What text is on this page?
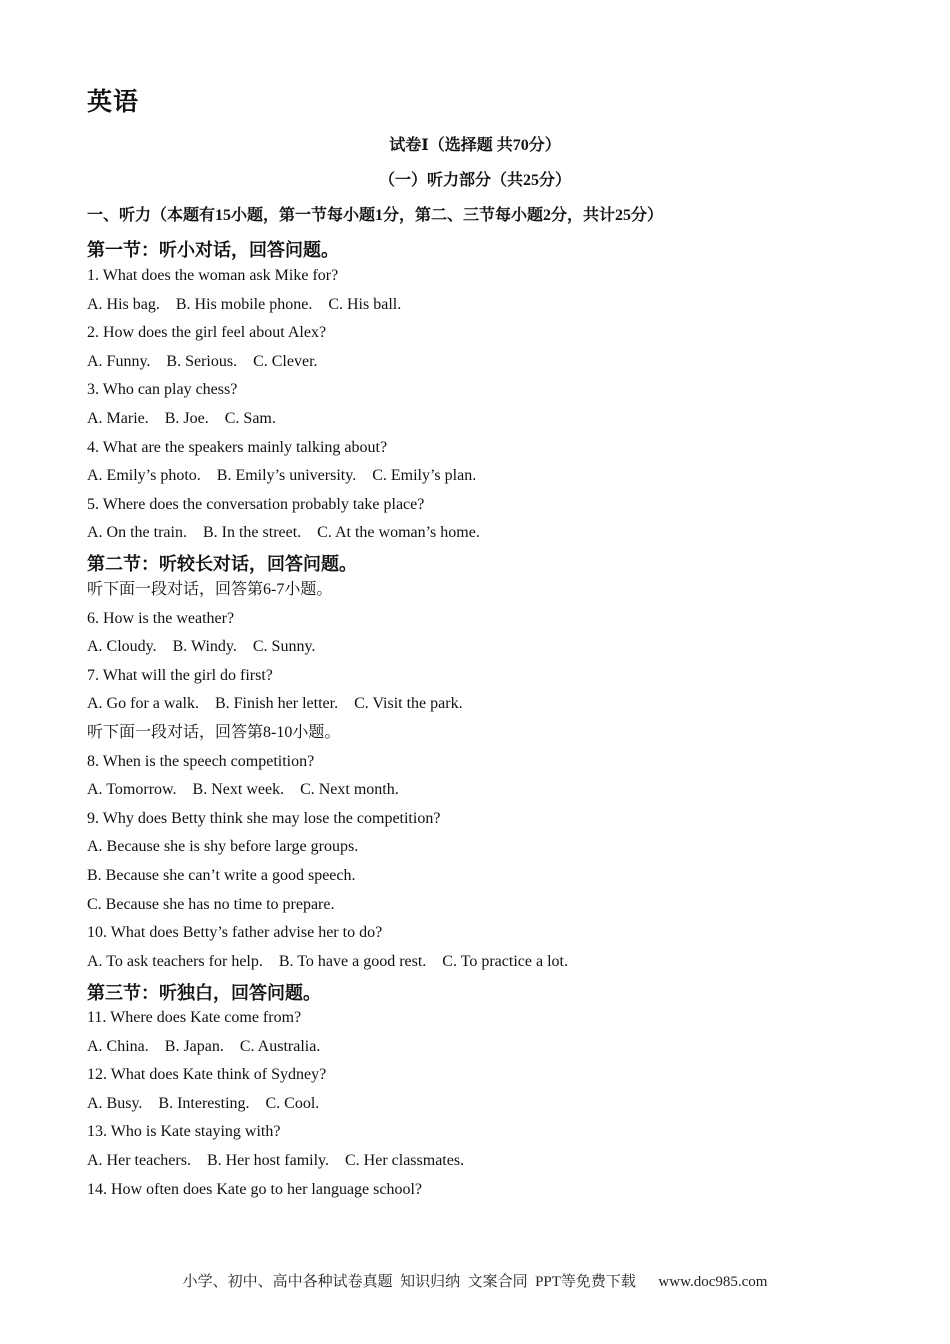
英语
试卷Ⅰ（选择题 共70分）
（一）听力部分（共25分）
一、听力（本题有15小题，第一节每小题1分，第二、三节每小题2分，共计25分）
第一节：听小对话，回答问题。
1. What does the woman ask Mike for?
A. His bag.    B. His mobile phone.    C. His ball.
2. How does the girl feel about Alex?
A. Funny.    B. Serious.    C. Clever.
3. Who can play chess?
A. Marie.    B. Joe.    C. Sam.
4. What are the speakers mainly talking about?
A. Emily’s photo.    B. Emily’s university.    C. Emily’s plan.
5. Where does the conversation probably take place?
A. On the train.    B. In the street.    C. At the woman’s home.
第二节：听较长对话，回答问题。
听下面一段对话，回答第6-7小题。
6. How is the weather?
A. Cloudy.    B. Windy.    C. Sunny.
7. What will the girl do first?
A. Go for a walk.    B. Finish her letter.    C. Visit the park.
听下面一段对话，回答第8-10小题。
8. When is the speech competition?
A. Tomorrow.    B. Next week.    C. Next month.
9. Why does Betty think she may lose the competition?
A. Because she is shy before large groups.
B. Because she can’t write a good speech.
C. Because she has no time to prepare.
10. What does Betty’s father advise her to do?
A. To ask teachers for help.    B. To have a good rest.    C. To practice a lot.
第三节：听独白，回答问题。
11. Where does Kate come from?
A. China.    B. Japan.    C. Australia.
12. What does Kate think of Sydney?
A. Busy.    B. Interesting.    C. Cool.
13. Who is Kate staying with?
A. Her teachers.    B. Her host family.    C. Her classmates.
14. How often does Kate go to her language school?
小学、初中、高中各种试卷真题  知识归纳  文案合同  PPT等免费下载 www.doc985.com
